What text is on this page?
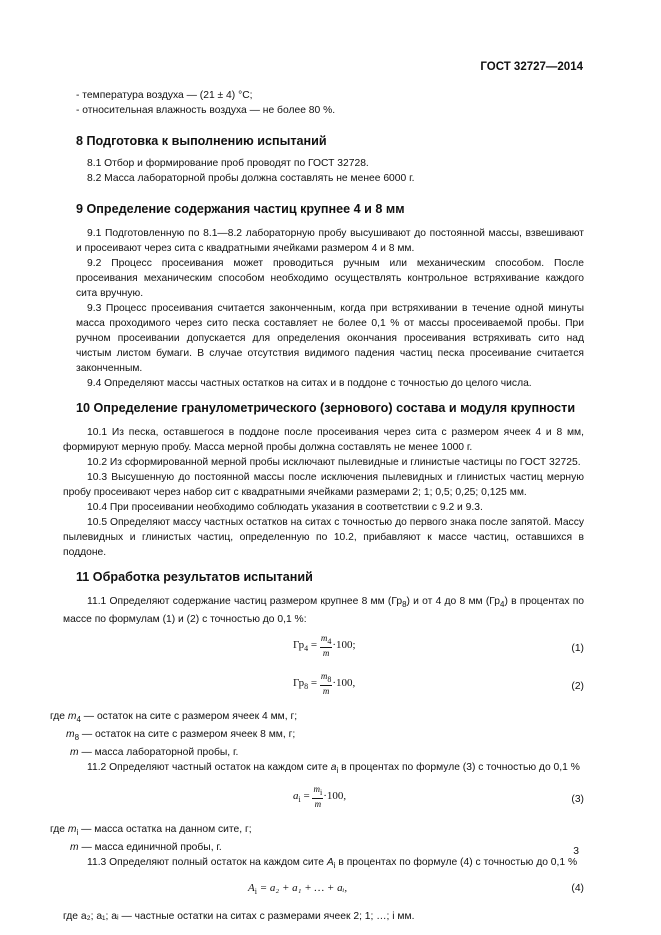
ГОСТ 32727—2014

- температура воздуха — (21 ± 4) °С;

- относительная влажность воздуха — не более 80 %.

8 Подготовка к выполнению испытаний

8.1 Отбор и формирование проб проводят по ГОСТ 32728.

8.2 Масса лабораторной пробы должна составлять не менее 6000 г.

9 Определение содержания частиц крупнее 4 и 8 мм

9.1 Подготовленную по 8.1—8.2 лабораторную пробу высушивают до постоянной массы, взвешивают и просеивают через сита с квадратными ячейками размером 4 и 8 мм.

9.2 Процесс просеивания может проводиться ручным или механическим способом. После просеивания механическим способом необходимо осуществлять контрольное встряхивание каждого сита вручную.

9.3 Процесс просеивания считается законченным, когда при встряхивании в течение одной минуты масса проходимого через сито песка составляет не более 0,1 % от массы просеиваемой пробы. При ручном просеивании допускается для определения окончания просеивания встряхивать сито над чистым листом бумаги. В случае отсутствия видимого падения частиц песка просеивание считается законченным.

9.4 Определяют массы частных остатков на ситах и в поддоне с точностью до целого числа.

10 Определение гранулометрического (зернового) состава и модуля крупности

10.1 Из песка, оставшегося в поддоне после просеивания через сита с размером ячеек 4 и 8 мм, формируют мерную пробу. Масса мерной пробы должна составлять не менее 1000 г.

10.2 Из сформированной мерной пробы исключают пылевидные и глинистые частицы по ГОСТ 32725.

10.3 Высушенную до постоянной массы после исключения пылевидных и глинистых частиц мерную пробу просеивают через набор сит с квадратными ячейками размерами 2; 1; 0,5; 0,25; 0,125 мм.

10.4 При просеивании необходимо соблюдать указания в соответствии с 9.2 и 9.3.

10.5 Определяют массу частных остатков на ситах с точностью до первого знака после запятой. Массу пылевидных и глинистых частиц, определенную по 10.2, прибавляют к массе частиц, оставшихся в поддоне.

11 Обработка результатов испытаний

11.1 Определяют содержание частиц размером крупнее 8 мм $(Гр_8)$ и от 4 до 8 мм $(Гр_4)$ в процентах по массе по формулам (1) и (2) с точностью до 0,1 %:

$Гр_4 = \frac{m_4}{m} \cdot 100$;	(1)
$Гр_8 = \frac{m_8}{m} \cdot 100$,	(2)
где $m_4$ — остаток на сите с размером ячеек 4 мм, г;
$m_8$ — остаток на сите с размером ячеек 8 мм, г;
m — масса лабораторной пробы, г.

11.2 Определяют частный остаток на каждом сите $a_i$ в процентах по формуле (3) с точностью до 0,1 %

$a_i = \frac{m_i}{m} \cdot 100$,	(3)
где $m_i$ — масса остатка на данном сите, г;
m — масса единичной пробы, г.

11.3 Определяют полный остаток на каждом сите $A_i$ в процентах по формуле (4) с точностью до 0,1 %

$A_i = a_2 + a_1$ + … + aᵢ,	(4)

где a₂; a₁; aᵢ — частные остатки на ситах с размерами ячеек 2; 1; …; i мм.

3
